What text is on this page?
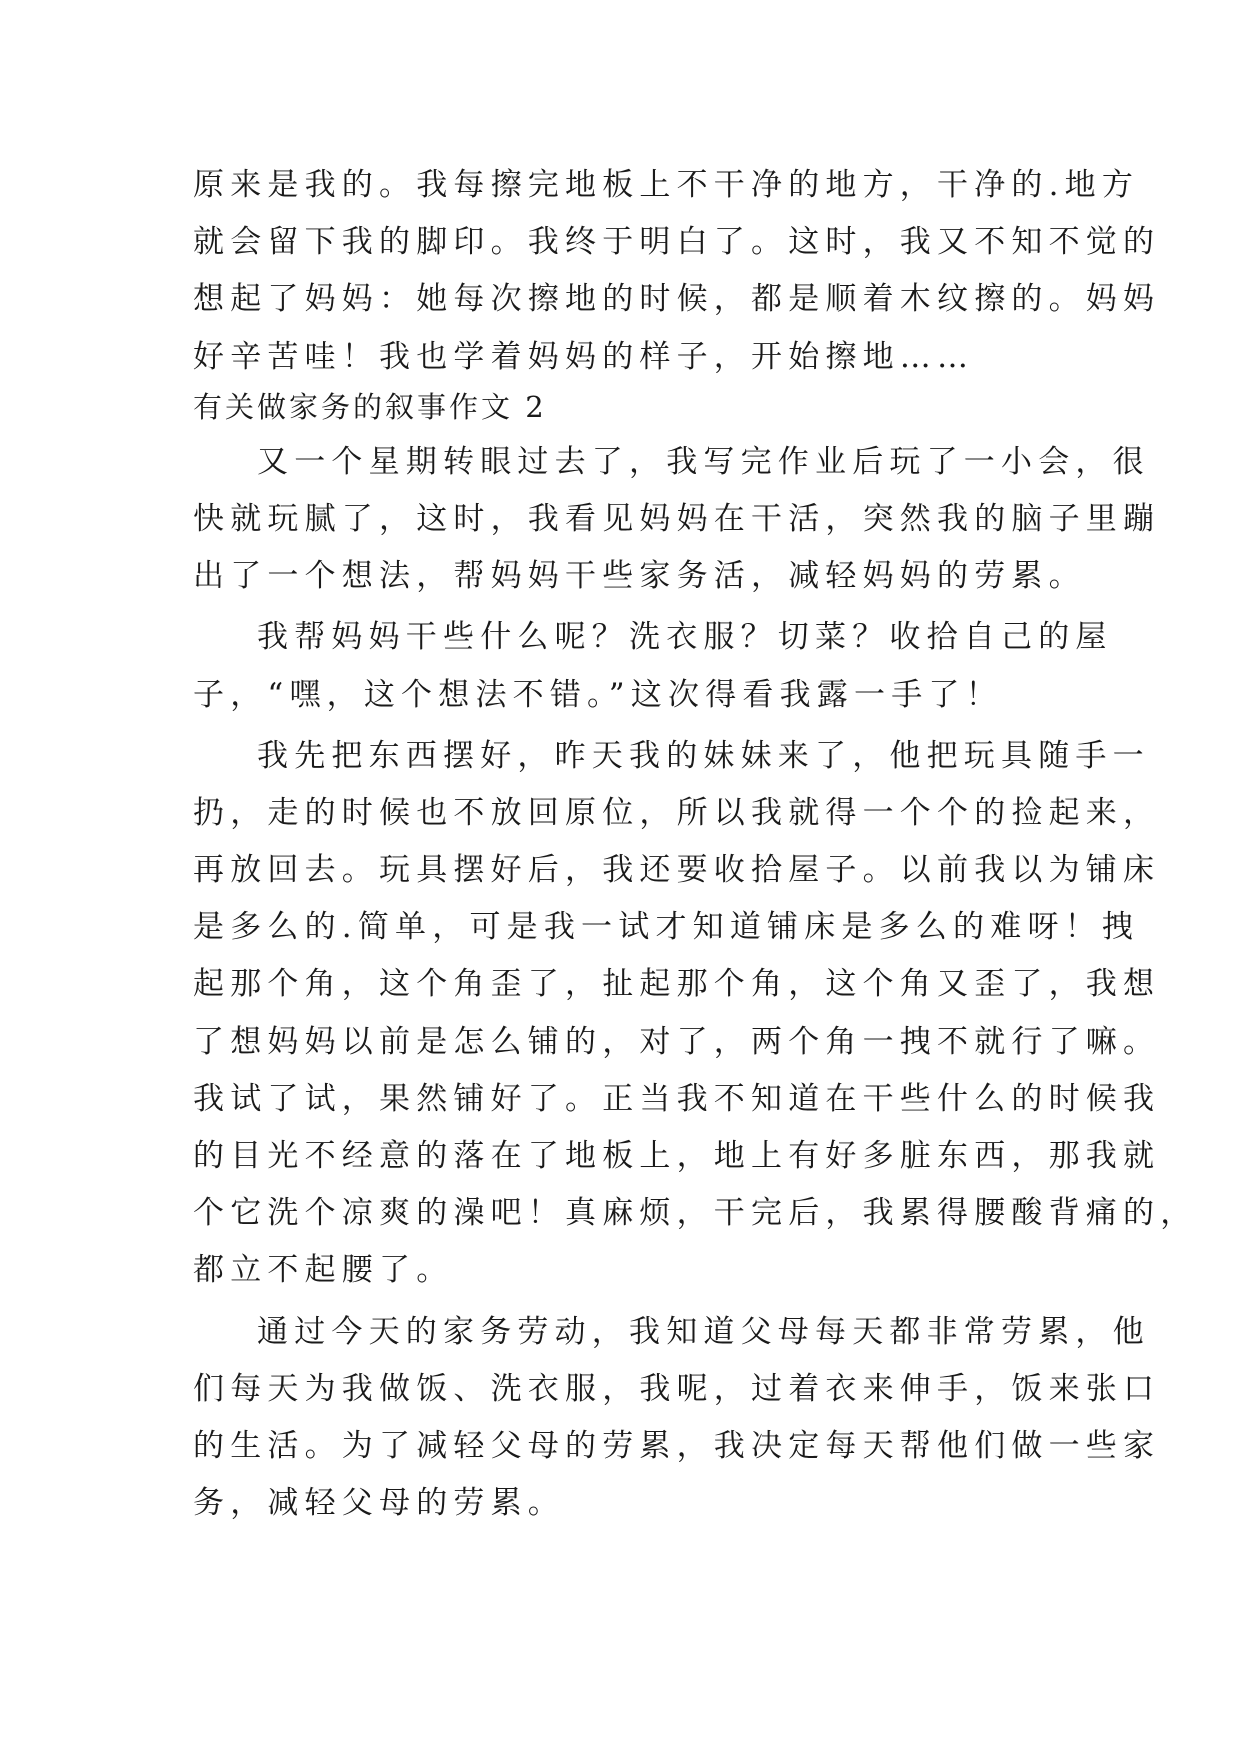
原来是我的。我每擦完地板上不干净的地方，干净的.地方
就会留下我的脚印。我终于明白了。这时，我又不知不觉的
想起了妈妈：她每次擦地的时候，都是顺着木纹擦的。妈妈
好辛苦哇！我也学着妈妈的样子，开始擦地……
有关做家务的叙事作文 2
又一个星期转眼过去了，我写完作业后玩了一小会，很
快就玩腻了，这时，我看见妈妈在干活，突然我的脑子里蹦
出了一个想法，帮妈妈干些家务活，减轻妈妈的劳累。
我帮妈妈干些什么呢？洗衣服？切菜？收拾自己的屋
子，“嘿，这个想法不错。”这次得看我露一手了！
我先把东西摆好，昨天我的妹妹来了，他把玩具随手一
扔，走的时候也不放回原位，所以我就得一个个的捡起来，
再放回去。玩具摆好后，我还要收拾屋子。以前我以为铺床
是多么的.简单，可是我一试才知道铺床是多么的难呀！拽
起那个角，这个角歪了，扯起那个角，这个角又歪了，我想
了想妈妈以前是怎么铺的，对了，两个角一拽不就行了嘛。
我试了试，果然铺好了。正当我不知道在干些什么的时候我
的目光不经意的落在了地板上，地上有好多脏东西，那我就
个它洗个凉爽的澡吧！真麻烦，干完后，我累得腰酸背痛的，
都立不起腰了。
通过今天的家务劳动，我知道父母每天都非常劳累，他
们每天为我做饭、洗衣服，我呢，过着衣来伸手，饭来张口
的生活。为了减轻父母的劳累，我决定每天帮他们做一些家
务，减轻父母的劳累。
